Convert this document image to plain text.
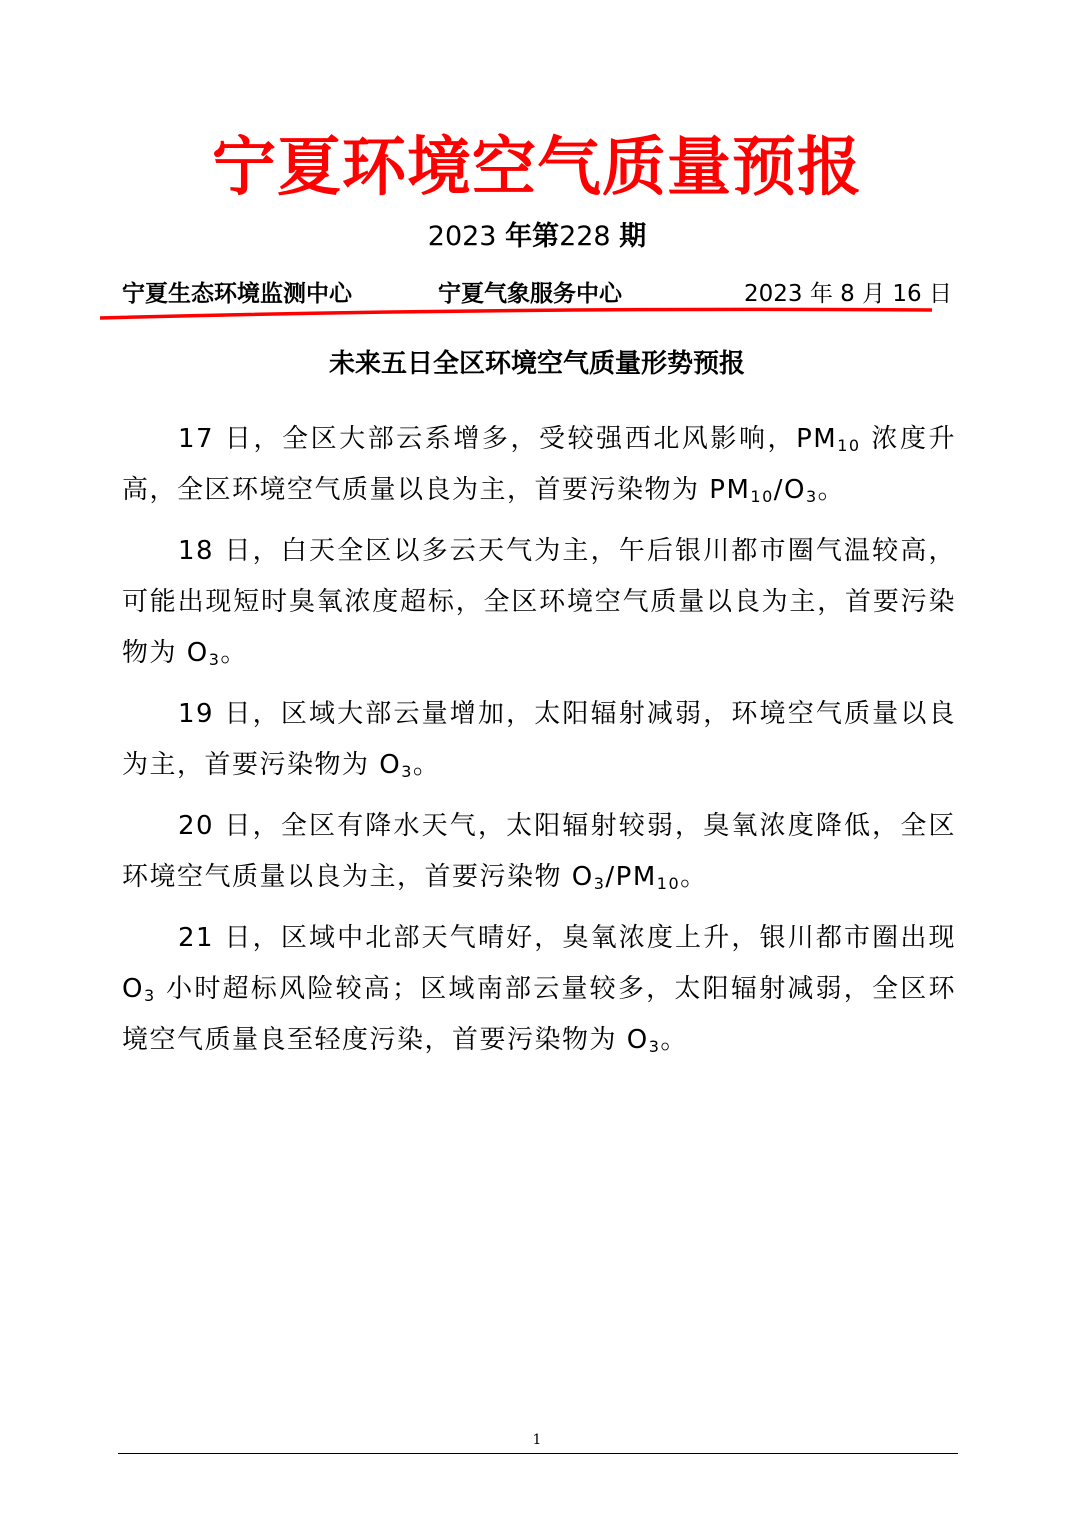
宁夏环境空气质量预报
2023 年第228 期
宁夏生态环境监测中心	宁夏气象服务中心	2023 年 8 月 16 日
未来五日全区环境空气质量形势预报

17 日，全区大部云系增多，受较强西北风影响，$PM_{10}$ 浓度升高，全区环境空气质量以良为主，首要污染物为 $PM_{10}/O_3$。

18 日，白天全区以多云天气为主，午后银川都市圈气温较高，可能出现短时臭氧浓度超标，全区环境空气质量以良为主，首要污染物为 $O_3$。

19 日，区域大部云量增加，太阳辐射减弱，环境空气质量以良为主，首要污染物为 $O_3$。

20 日，全区有降水天气，太阳辐射较弱，臭氧浓度降低，全区环境空气质量以良为主，首要污染物 $O_3/PM_{10}$。

21 日，区域中北部天气晴好，臭氧浓度上升，银川都市圈出现 $O_3$ 小时超标风险较高；区域南部云量较多，太阳辐射减弱，全区环境空气质量良至轻度污染，首要污染物为 $O_3$。

1
